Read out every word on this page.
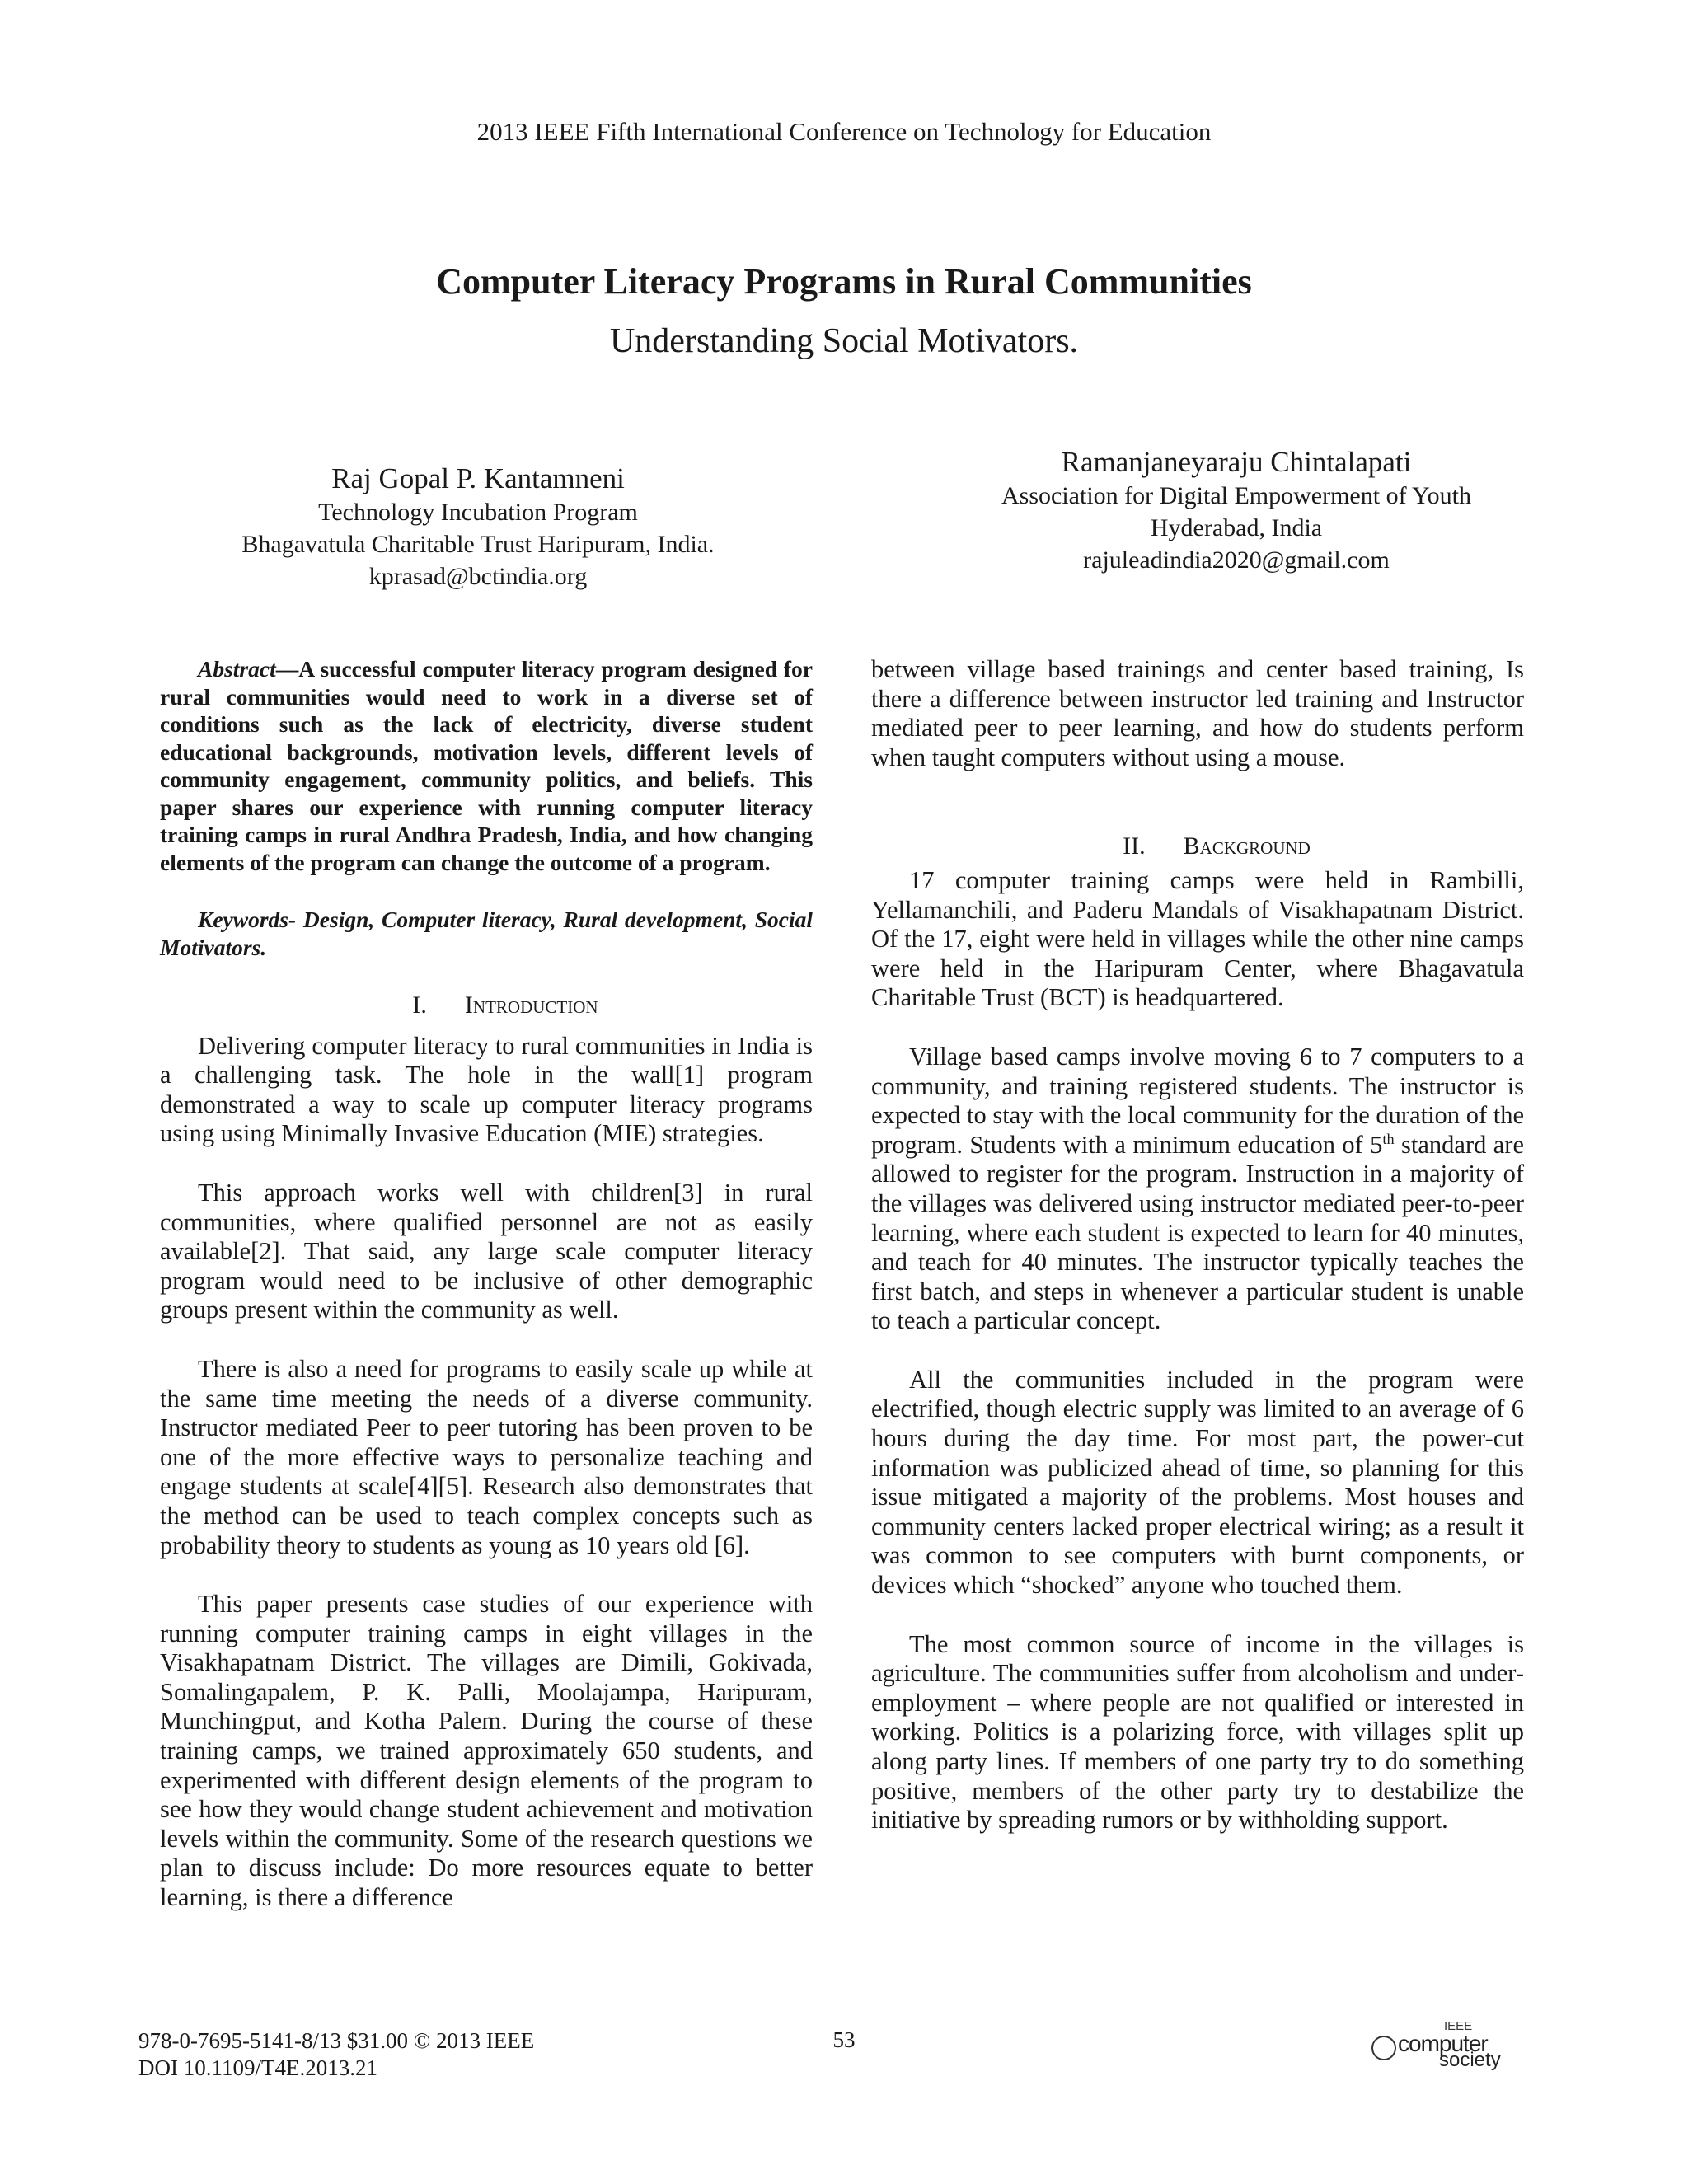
2013 IEEE Fifth International Conference on Technology for Education
Computer Literacy Programs in Rural Communities
Understanding Social Motivators.
Raj Gopal P. Kantamneni
Technology Incubation Program
Bhagavatula Charitable Trust Haripuram, India.
kprasad@bctindia.org
Ramanjaneyaraju Chintalapati
Association for Digital Empowerment of Youth
Hyderabad, India
rajuleadindia2020@gmail.com

Abstract—A successful computer literacy program designed for rural communities would need to work in a diverse set of conditions such as the lack of electricity, diverse student educational backgrounds, motivation levels, different levels of community engagement, community politics, and beliefs. This paper shares our experience with running computer literacy training camps in rural Andhra Pradesh, India, and how changing elements of the program can change the outcome of a program.

Keywords- Design, Computer literacy, Rural development, Social Motivators.

I. Introduction

Delivering computer literacy to rural communities in India is a challenging task. The hole in the wall[1] program demonstrated a way to scale up computer literacy programs using using Minimally Invasive Education (MIE) strategies.

This approach works well with children[3] in rural communities, where qualified personnel are not as easily available[2]. That said, any large scale computer literacy program would need to be inclusive of other demographic groups present within the community as well.

There is also a need for programs to easily scale up while at the same time meeting the needs of a diverse community. Instructor mediated Peer to peer tutoring has been proven to be one of the more effective ways to personalize teaching and engage students at scale[4][5]. Research also demonstrates that the method can be used to teach complex concepts such as probability theory to students as young as 10 years old [6].

This paper presents case studies of our experience with running computer training camps in eight villages in the Visakhapatnam District. The villages are Dimili, Gokivada, Somalingapalem, P. K. Palli, Moolajampa, Haripuram, Munchingput, and Kotha Palem. During the course of these training camps, we trained approximately 650 students, and experimented with different design elements of the program to see how they would change student achievement and motivation levels within the community. Some of the research questions we plan to discuss include: Do more resources equate to better learning, is there a difference

between village based trainings and center based training, Is there a difference between instructor led training and Instructor mediated peer to peer learning, and how do students perform when taught computers without using a mouse.

II. Background

17 computer training camps were held in Rambilli, Yellamanchili, and Paderu Mandals of Visakhapatnam District. Of the 17, eight were held in villages while the other nine camps were held in the Haripuram Center, where Bhagavatula Charitable Trust (BCT) is headquartered.

Village based camps involve moving 6 to 7 computers to a community, and training registered students. The instructor is expected to stay with the local community for the duration of the program. Students with a minimum education of 5th standard are allowed to register for the program. Instruction in a majority of the villages was delivered using instructor mediated peer-to-peer learning, where each student is expected to learn for 40 minutes, and teach for 40 minutes. The instructor typically teaches the first batch, and steps in whenever a particular student is unable to teach a particular concept.

All the communities included in the program were electrified, though electric supply was limited to an average of 6 hours during the day time. For most part, the power-cut information was publicized ahead of time, so planning for this issue mitigated a majority of the problems. Most houses and community centers lacked proper electrical wiring; as a result it was common to see computers with burnt components, or devices which “shocked” anyone who touched them.

The most common source of income in the villages is agriculture. The communities suffer from alcoholism and under-employment – where people are not qualified or interested in working. Politics is a polarizing force, with villages split up along party lines. If members of one party try to do something positive, members of the other party try to destabilize the initiative by spreading rumors or by withholding support.

978-0-7695-5141-8/13 $31.00 © 2013 IEEE
DOI 10.1109/T4E.2013.21
53
IEEE
computer
society
